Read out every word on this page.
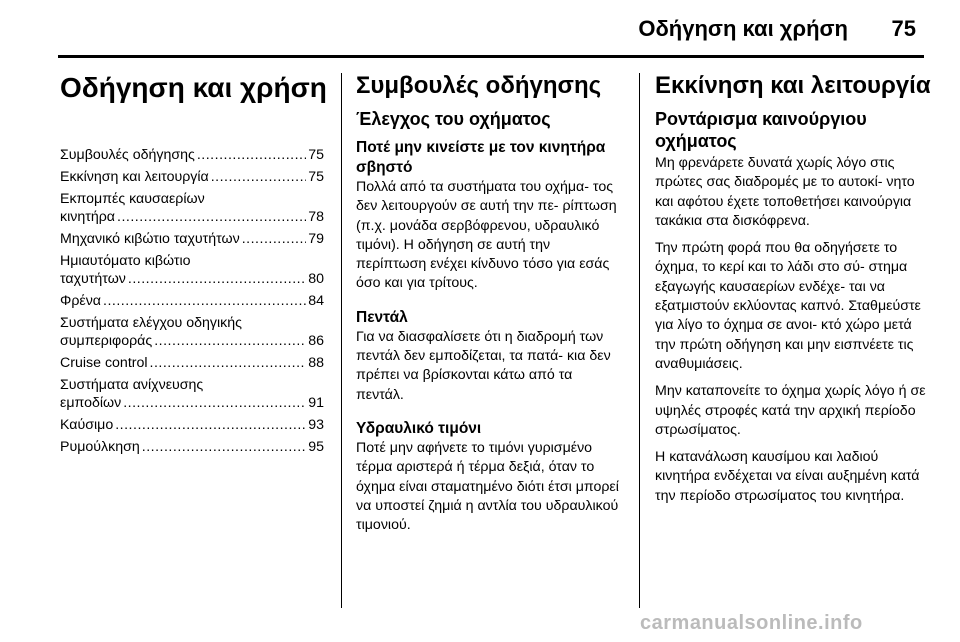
Οδήγηση και χρήση 75
Οδήγηση και χρήση
Συμβουλές οδήγησης .....	75
Εκκίνηση και λειτουργία .....	75
Εκπομπές καυσαερίων
κινητήρα .....	78
Μηχανικό κιβώτιο ταχυτήτων .....	79
Ημιαυτόματο κιβώτιο
ταχυτήτων .....	80
Φρένα .....	84
Συστήματα ελέγχου οδηγικής
συμπεριφοράς .....	86
Cruise control .....	88
Συστήματα ανίχνευσης
εμποδίων .....	91
Καύσιμο .....	93
Ρυμούλκηση .....	95
Συμβουλές οδήγησης
Έλεγχος του οχήματος
Ποτέ μην κινείστε με τον κινητήρα σβηστό

Πολλά από τα συστήματα του οχήμα- τος δεν λειτουργούν σε αυτή την πε- ρίπτωση (π.χ. μονάδα σερβόφρενου, υδραυλικό τιμόνι). Η οδήγηση σε αυτή την περίπτωση ενέχει κίνδυνο τόσο για εσάς όσο και για τρίτους.

Πεντάλ

Για να διασφαλίσετε ότι η διαδρομή των πεντάλ δεν εμποδίζεται, τα πατά- κια δεν πρέπει να βρίσκονται κάτω από τα πεντάλ.

Υδραυλικό τιμόνι

Ποτέ μην αφήνετε το τιμόνι γυρισμένο τέρμα αριστερά ή τέρμα δεξιά, όταν το όχημα είναι σταματημένο διότι έτσι μπορεί να υποστεί ζημιά η αντλία του υδραυλικού τιμονιού.

Εκκίνηση και λειτουργία
Ροντάρισμα καινούργιου οχήματος

Μη φρενάρετε δυνατά χωρίς λόγο στις πρώτες σας διαδρομές με το αυτοκί- νητο και αφότου έχετε τοποθετήσει καινούργια τακάκια στα δισκόφρενα.

Την πρώτη φορά που θα οδηγήσετε το όχημα, το κερί και το λάδι στο σύ- στημα εξαγωγής καυσαερίων ενδέχε- ται να εξατμιστούν εκλύοντας καπνό. Σταθμεύστε για λίγο το όχημα σε ανοι- κτό χώρο μετά την πρώτη οδήγηση και μην εισπνέετε τις αναθυμιάσεις.

Μην καταπονείτε το όχημα χωρίς λόγο ή σε υψηλές στροφές κατά την αρχική περίοδο στρωσίματος.

Η κατανάλωση καυσίμου και λαδιού κινητήρα ενδέχεται να είναι αυξημένη κατά την περίοδο στρωσίματος του κινητήρα.

carmanualsonline.info
